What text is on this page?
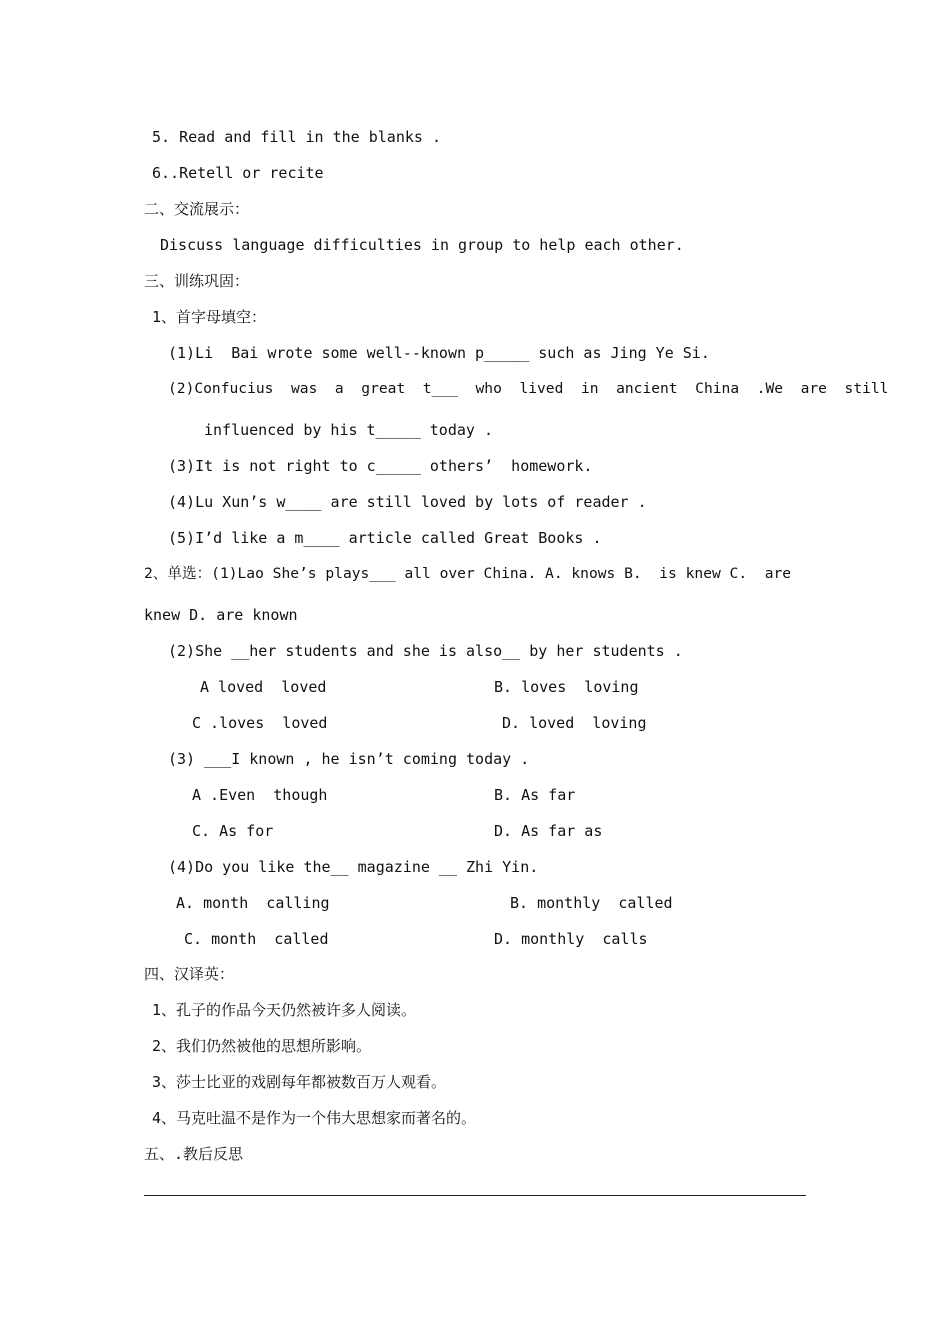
5. Read and fill in the blanks .
6..Retell or recite
二、交流展示：
Discuss language difficulties in group to help each other.
三、训练巩固：
1、首字母填空：
(1)Li  Bai wrote some well--known p_____ such as Jing Ye Si.
(2)Confucius  was  a  great  t___  who  lived  in  ancient  China  .We  are  still
influenced by his t_____ today .
(3)It is not right to c_____ others’  homework.
(4)Lu Xun’s w____ are still loved by lots of reader .
(5)I’d like a m____ article called Great Books .
2、单选：(1)Lao She’s plays___ all over China. A. knows B.  is knew C.  are
knew D. are known
(2)She __her students and she is also__ by her students .
A loved  loved	B. loves  loving
C .loves  loved	D. loved  loving
(3) ___I known , he isn’t coming today .
A .Even  though	B. As far
C. As for	D. As far as
(4)Do you like the__ magazine __ Zhi Yin.
A. month  calling	B. monthly  called
C. month  called	D. monthly  calls
四、汉译英：
1、孔子的作品今天仍然被许多人阅读。
2、我们仍然被他的思想所影响。
3、莎士比亚的戏剧每年都被数百万人观看。
4、马克吐温不是作为一个伟大思想家而著名的。
五、.教后反思
